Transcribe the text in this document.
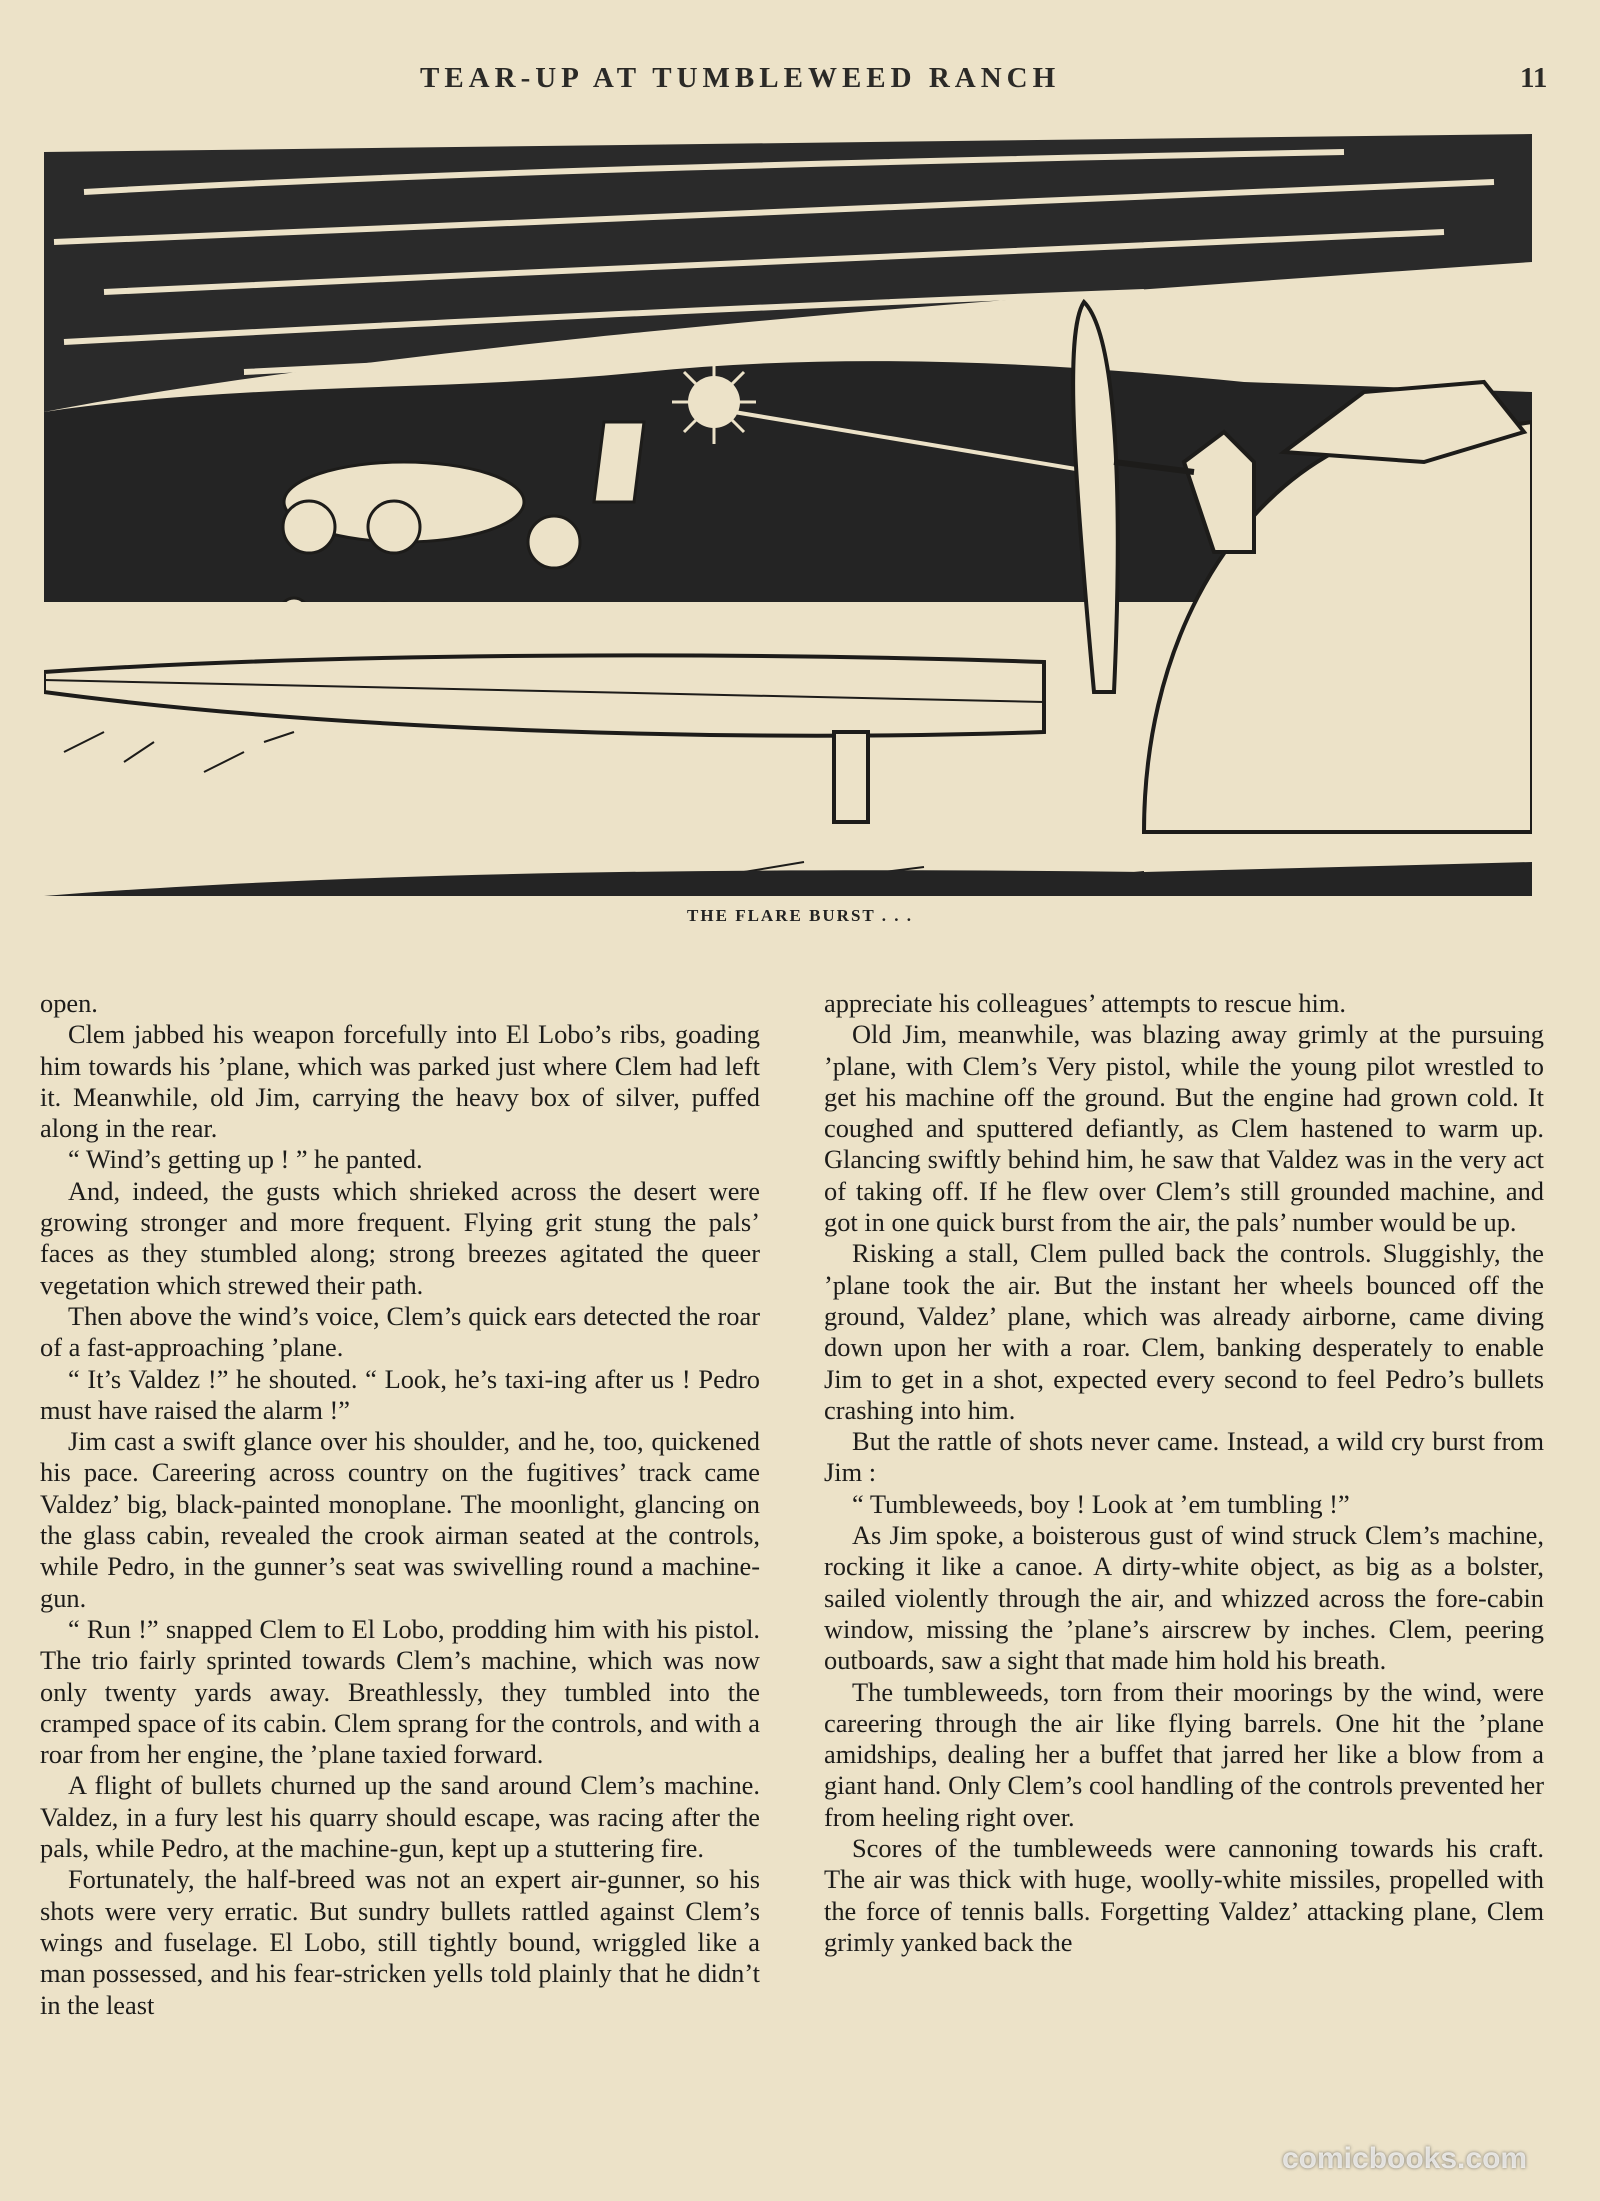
TEAR-UP AT TUMBLEWEED RANCH	11
THE FLARE BURST . . .

open.

Clem jabbed his weapon forcefully into El Lobo’s ribs, goading him towards his ’plane, which was parked just where Clem had left it. Meanwhile, old Jim, carrying the heavy box of silver, puffed along in the rear.

“ Wind’s getting up ! ” he panted.

And, indeed, the gusts which shrieked across the desert were growing stronger and more frequent. Flying grit stung the pals’ faces as they stumbled along; strong breezes agitated the queer vegetation which strewed their path.

Then above the wind’s voice, Clem’s quick ears detected the roar of a fast-approaching ’plane.

“ It’s Valdez !” he shouted. “ Look, he’s taxi-ing after us ! Pedro must have raised the alarm !”

Jim cast a swift glance over his shoulder, and he, too, quickened his pace. Careering across country on the fugitives’ track came Valdez’ big, black-painted monoplane. The moonlight, glancing on the glass cabin, revealed the crook airman seated at the controls, while Pedro, in the gunner’s seat was swivelling round a machine-gun.

“ Run !” snapped Clem to El Lobo, prodding him with his pistol. The trio fairly sprinted towards Clem’s machine, which was now only twenty yards away. Breathlessly, they tumbled into the cramped space of its cabin. Clem sprang for the controls, and with a roar from her engine, the ’plane taxied forward.

A flight of bullets churned up the sand around Clem’s machine. Valdez, in a fury lest his quarry should escape, was racing after the pals, while Pedro, at the machine-gun, kept up a stuttering fire.

Fortunately, the half-breed was not an expert air-gunner, so his shots were very erratic. But sundry bullets rattled against Clem’s wings and fuselage. El Lobo, still tightly bound, wriggled like a man possessed, and his fear-stricken yells told plainly that he didn’t in the least

appreciate his colleagues’ attempts to rescue him.

Old Jim, meanwhile, was blazing away grimly at the pursuing ’plane, with Clem’s Very pistol, while the young pilot wrestled to get his machine off the ground. But the engine had grown cold. It coughed and sputtered defiantly, as Clem hastened to warm up. Glancing swiftly behind him, he saw that Valdez was in the very act of taking off. If he flew over Clem’s still grounded machine, and got in one quick burst from the air, the pals’ number would be up.

Risking a stall, Clem pulled back the controls. Sluggishly, the ’plane took the air. But the instant her wheels bounced off the ground, Valdez’ plane, which was already airborne, came diving down upon her with a roar. Clem, banking desperately to enable Jim to get in a shot, expected every second to feel Pedro’s bullets crashing into him.

But the rattle of shots never came. Instead, a wild cry burst from Jim :

“ Tumbleweeds, boy ! Look at ’em tumbling !”

As Jim spoke, a boisterous gust of wind struck Clem’s machine, rocking it like a canoe. A dirty-white object, as big as a bolster, sailed violently through the air, and whizzed across the fore-cabin window, missing the ’plane’s airscrew by inches. Clem, peering outboards, saw a sight that made him hold his breath.

The tumbleweeds, torn from their moorings by the wind, were careering through the air like flying barrels. One hit the ’plane amidships, dealing her a buffet that jarred her like a blow from a giant hand. Only Clem’s cool handling of the controls prevented her from heeling right over.

Scores of the tumbleweeds were cannoning towards his craft. The air was thick with huge, woolly-white missiles, propelled with the force of tennis balls. Forgetting Valdez’ attacking plane, Clem grimly yanked back the

comicbooks.com
